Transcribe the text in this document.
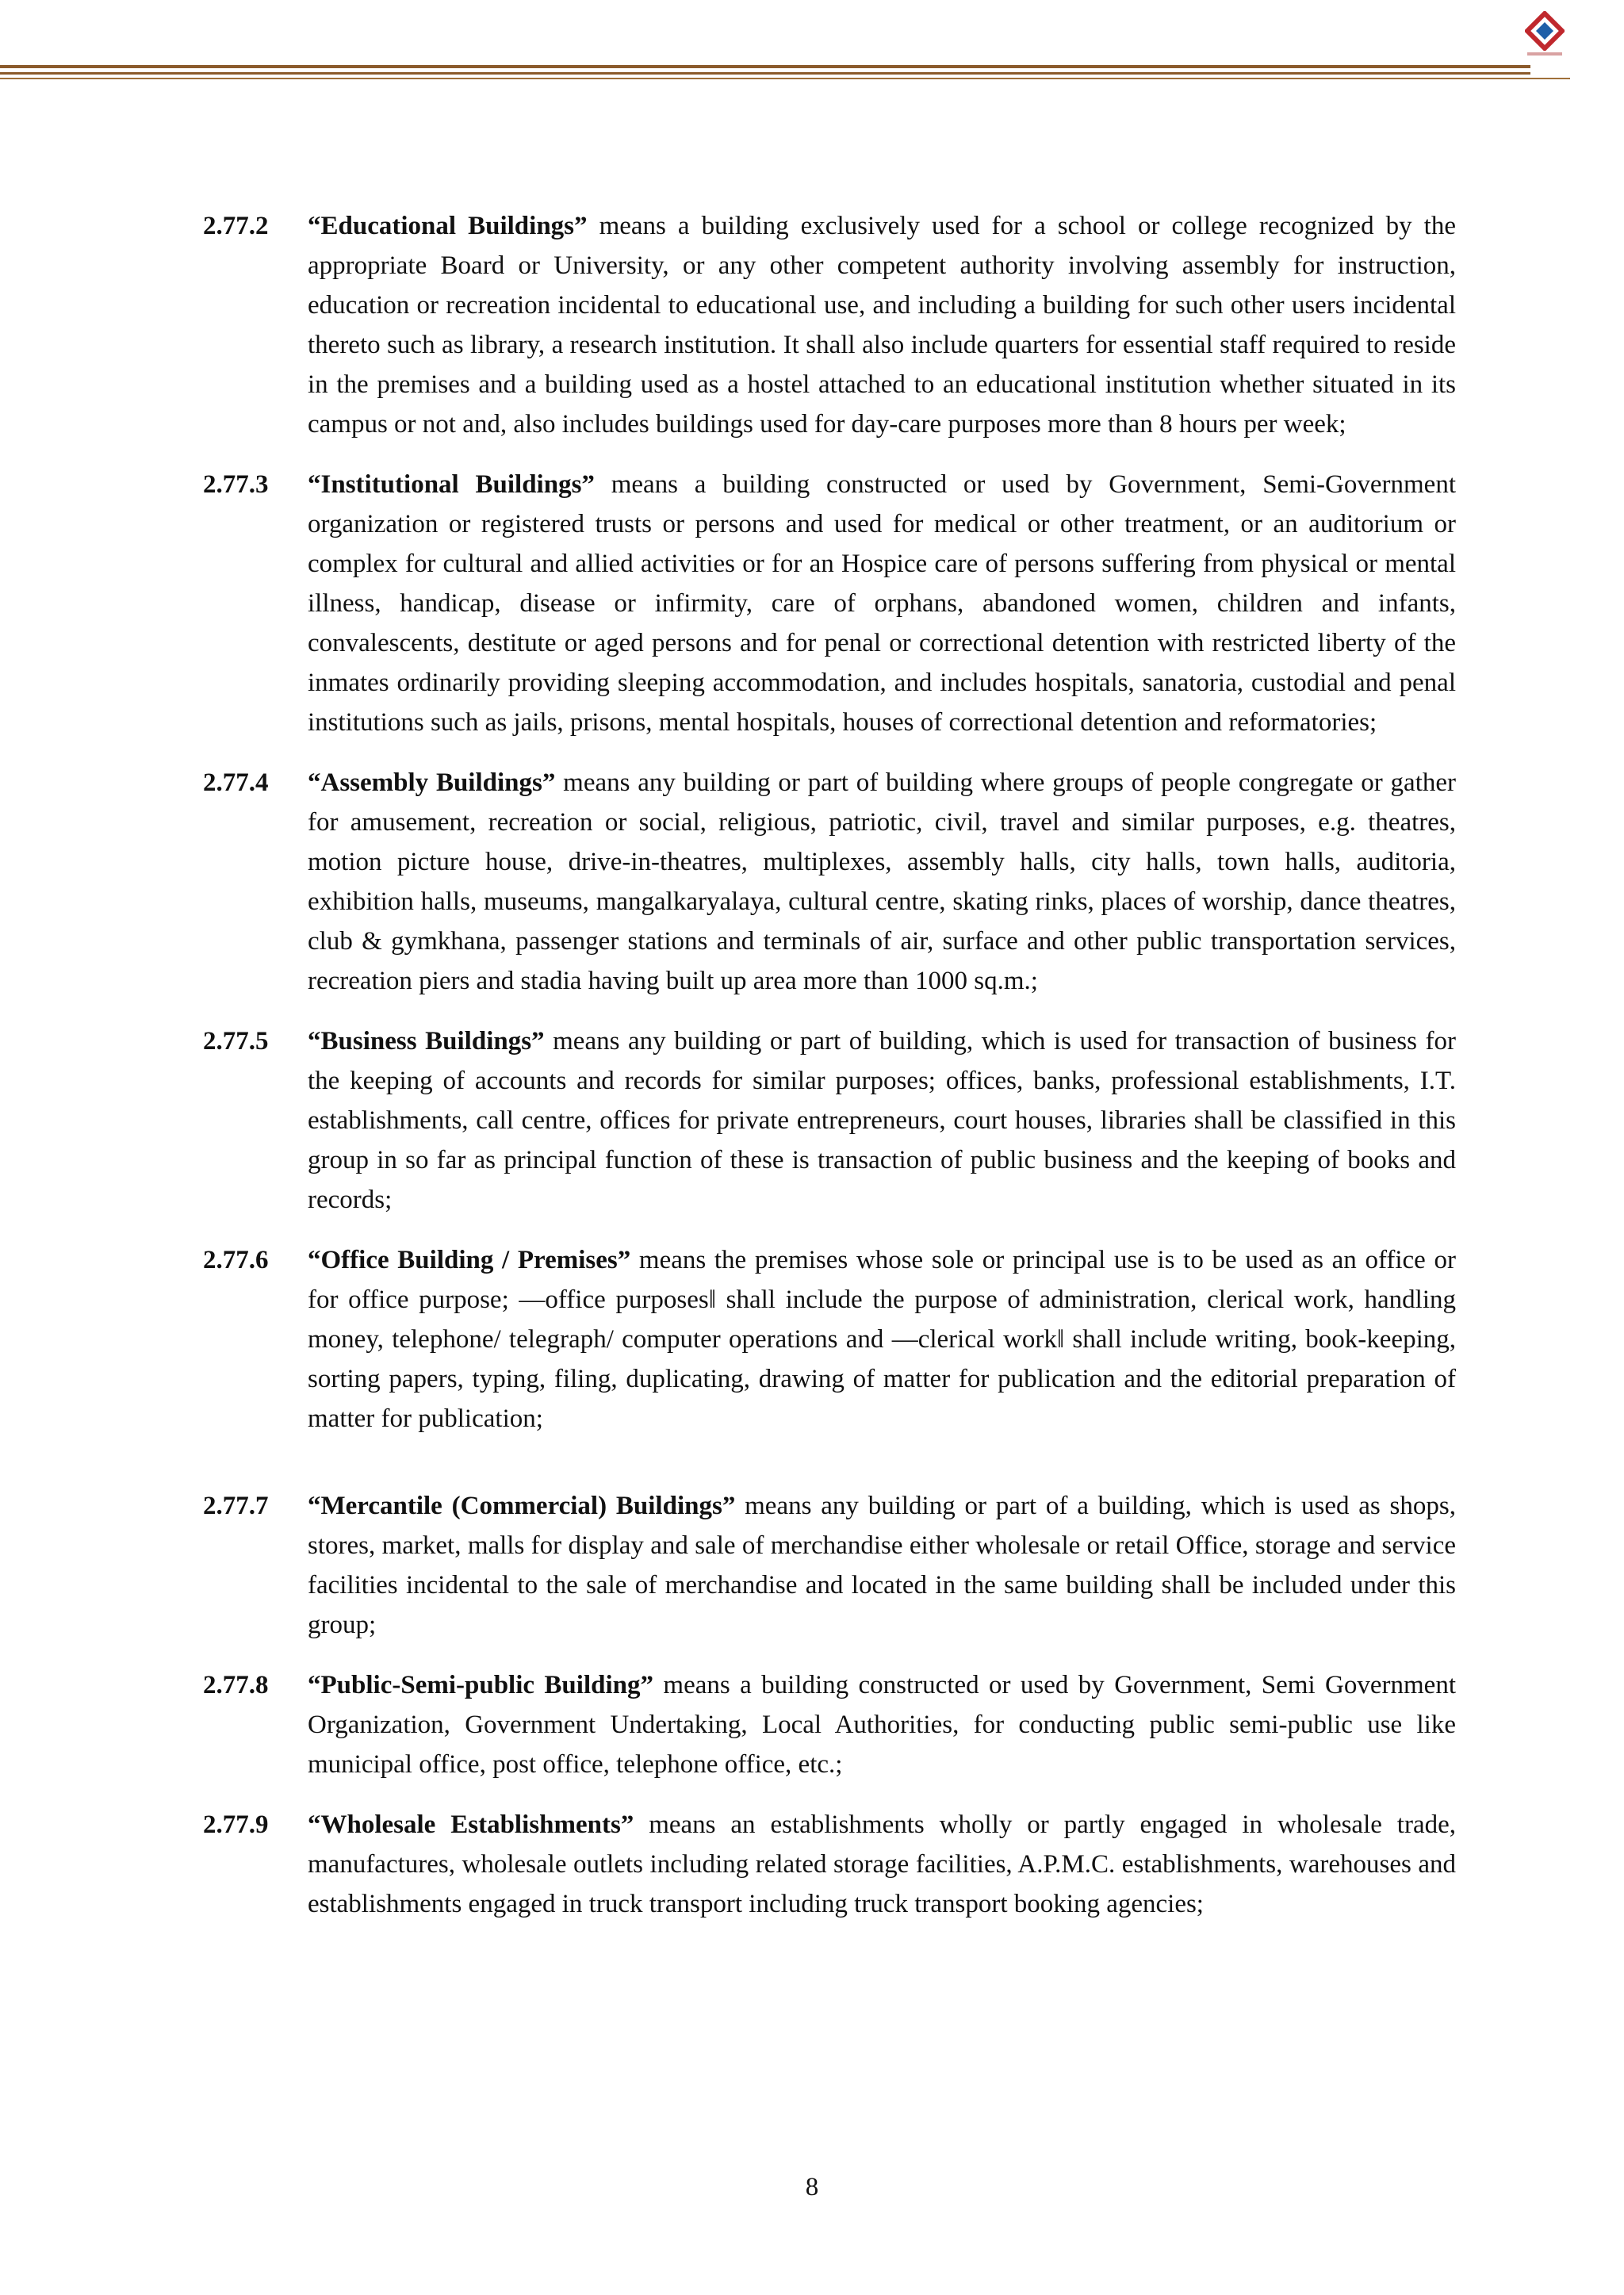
2.77.2 “Educational Buildings” means a building exclusively used for a school or college recognized by the appropriate Board or University, or any other competent authority involving assembly for instruction, education or recreation incidental to educational use, and including a building for such other users incidental thereto such as library, a research institution. It shall also include quarters for essential staff required to reside in the premises and a building used as a hostel attached to an educational institution whether situated in its campus or not and, also includes buildings used for day-care purposes more than 8 hours per week;
2.77.3 “Institutional Buildings” means a building constructed or used by Government, Semi-Government organization or registered trusts or persons and used for medical or other treatment, or an auditorium or complex for cultural and allied activities or for an Hospice care of persons suffering from physical or mental illness, handicap, disease or infirmity, care of orphans, abandoned women, children and infants, convalescents, destitute or aged persons and for penal or correctional detention with restricted liberty of the inmates ordinarily providing sleeping accommodation, and includes hospitals, sanatoria, custodial and penal institutions such as jails, prisons, mental hospitals, houses of correctional detention and reformatories;
2.77.4 “Assembly Buildings” means any building or part of building where groups of people congregate or gather for amusement, recreation or social, religious, patriotic, civil, travel and similar purposes, e.g. theatres, motion picture house, drive-in-theatres, multiplexes, assembly halls, city halls, town halls, auditoria, exhibition halls, museums, mangalkaryalaya, cultural centre, skating rinks, places of worship, dance theatres, club & gymkhana, passenger stations and terminals of air, surface and other public transportation services, recreation piers and stadia having built up area more than 1000 sq.m.;
2.77.5 “Business Buildings” means any building or part of building, which is used for transaction of business for the keeping of accounts and records for similar purposes; offices, banks, professional establishments, I.T. establishments, call centre, offices for private entrepreneurs, court houses, libraries shall be classified in this group in so far as principal function of these is transaction of public business and the keeping of books and records;
2.77.6 “Office Building / Premises” means the premises whose sole or principal use is to be used as an office or for office purpose; ―office purposes‖ shall include the purpose of administration, clerical work, handling money, telephone/ telegraph/ computer operations and ―clerical work‖ shall include writing, book-keeping, sorting papers, typing, filing, duplicating, drawing of matter for publication and the editorial preparation of matter for publication;
2.77.7 “Mercantile (Commercial) Buildings” means any building or part of a building, which is used as shops, stores, market, malls for display and sale of merchandise either wholesale or retail Office, storage and service facilities incidental to the sale of merchandise and located in the same building shall be included under this group;
2.77.8 “Public-Semi-public Building” means a building constructed or used by Government, Semi Government Organization, Government Undertaking, Local Authorities, for conducting public semi-public use like municipal office, post office, telephone office, etc.;
2.77.9 “Wholesale Establishments” means an establishments wholly or partly engaged in wholesale trade, manufactures, wholesale outlets including related storage facilities, A.P.M.C. establishments, warehouses and establishments engaged in truck transport including truck transport booking agencies;
8
